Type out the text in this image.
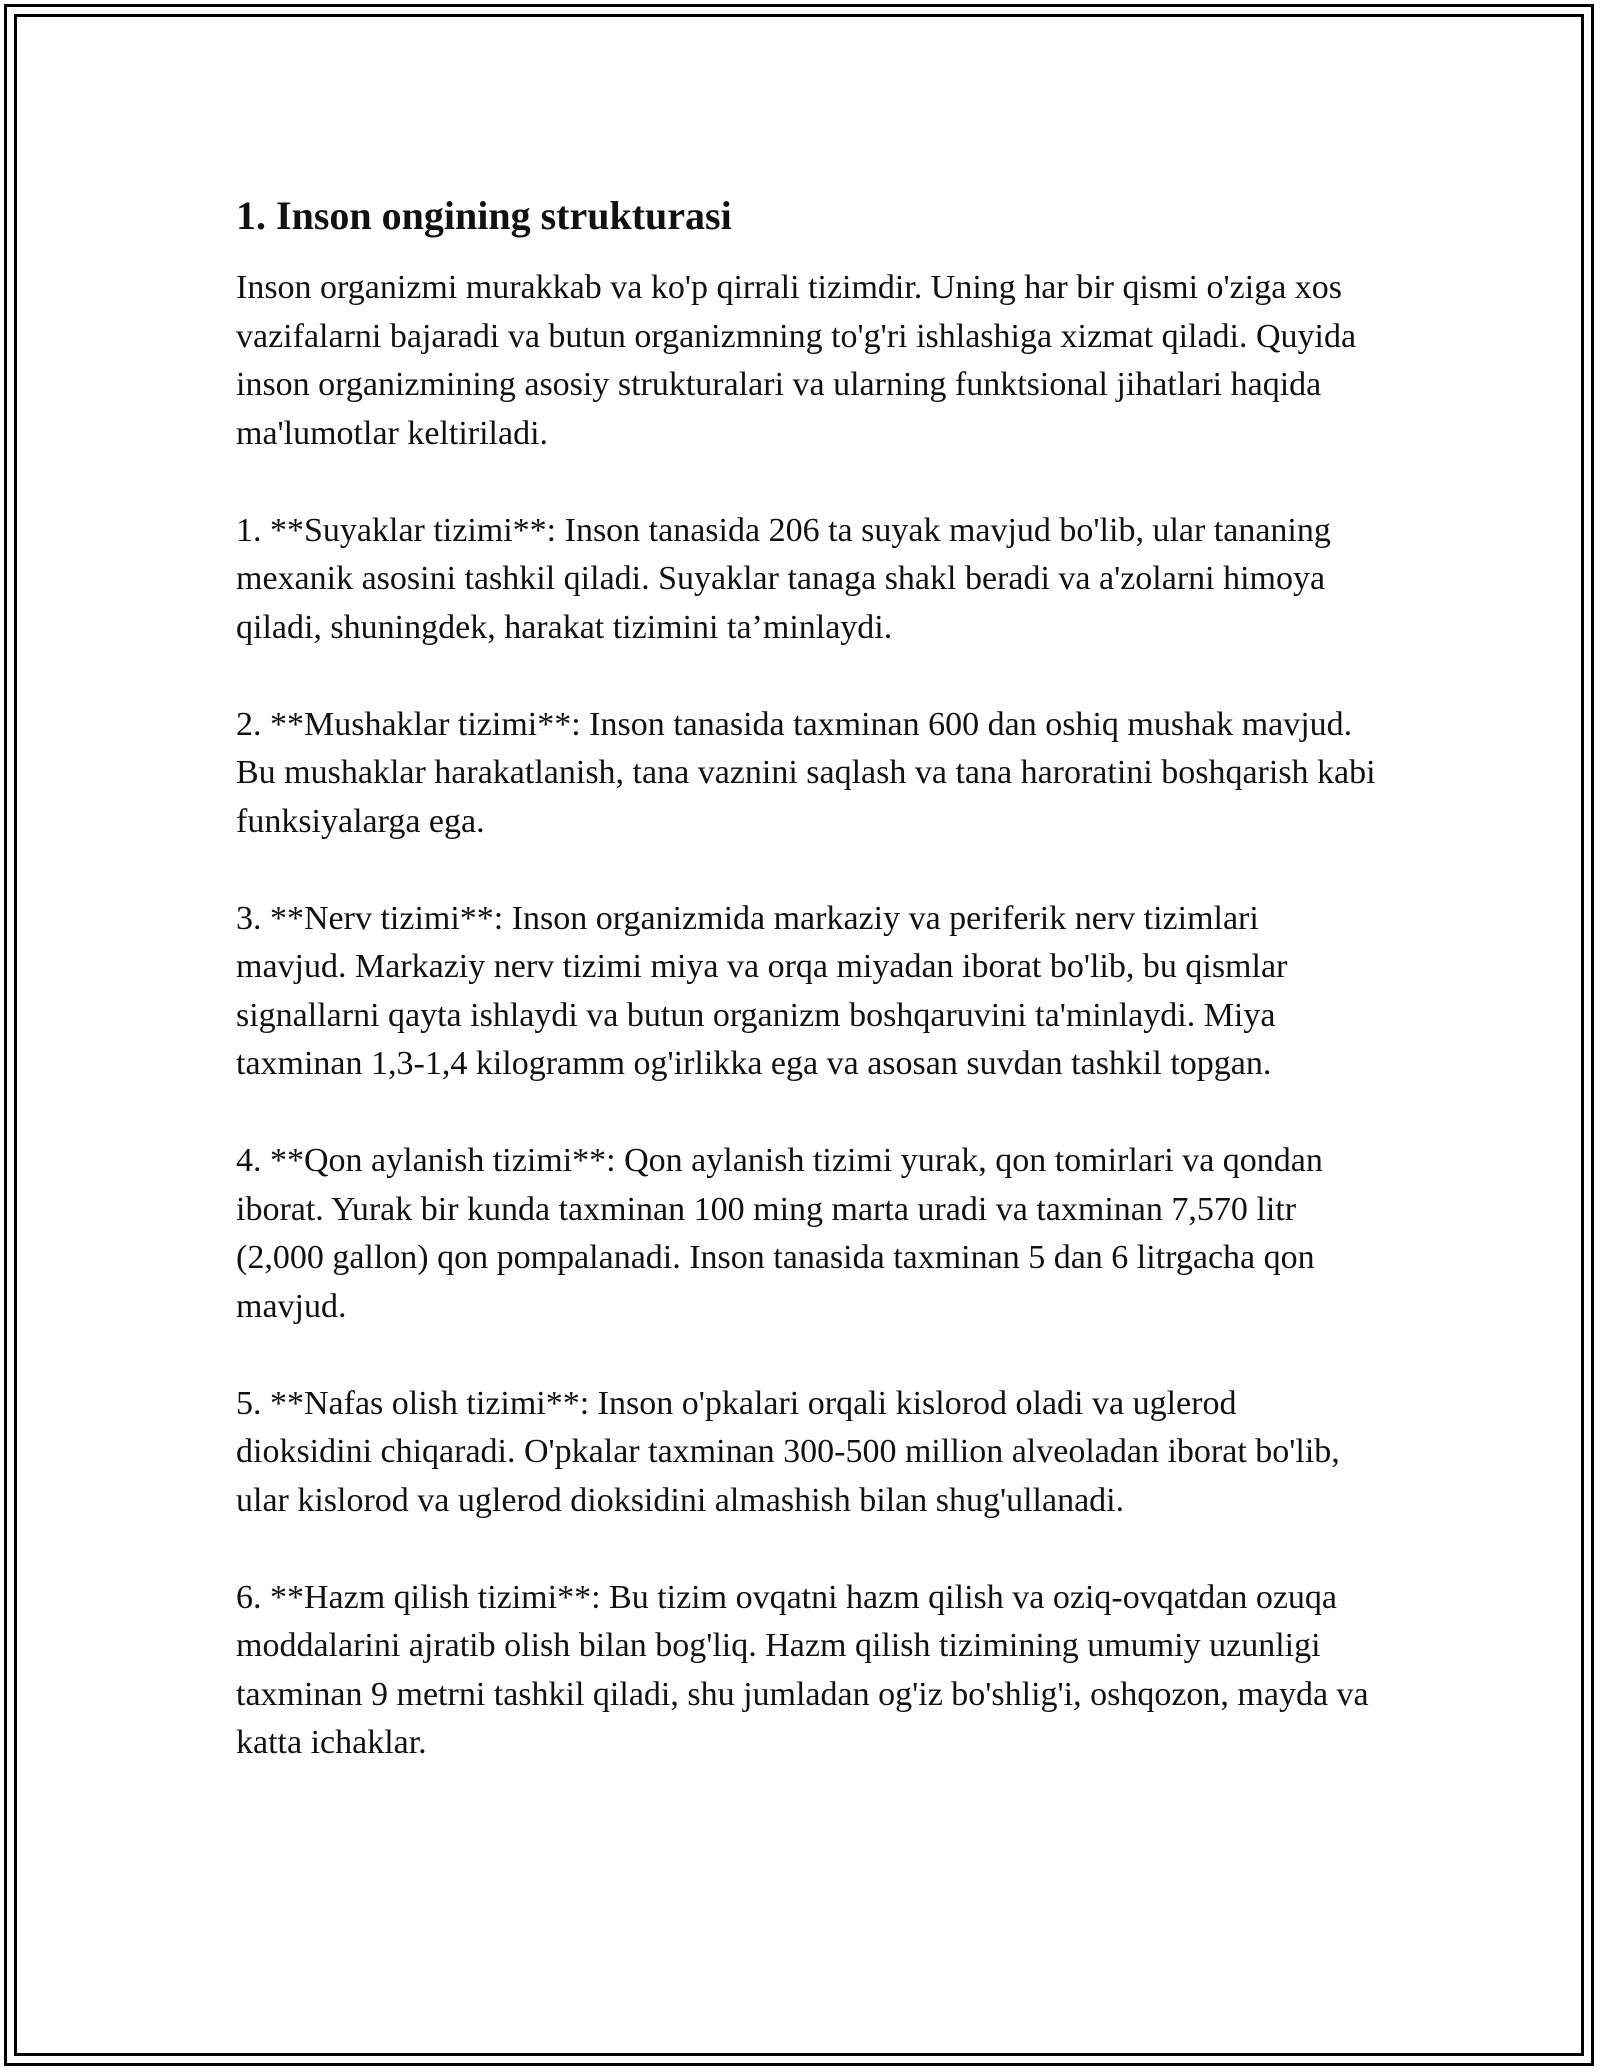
1. Inson ongining strukturasi

Inson organizmi murakkab va ko'p qirrali tizimdir. Uning har bir qismi o'ziga xos vazifalarni bajaradi va butun organizmning to'g'ri ishlashiga xizmat qiladi. Quyida inson organizmining asosiy strukturalari va ularning funktsional jihatlari haqida ma'lumotlar keltiriladi.

1. **Suyaklar tizimi**: Inson tanasida 206 ta suyak mavjud bo'lib, ular tananing mexanik asosini tashkil qiladi. Suyaklar tanaga shakl beradi va a'zolarni himoya qiladi, shuningdek, harakat tizimini ta’minlaydi.

2. **Mushaklar tizimi**: Inson tanasida taxminan 600 dan oshiq mushak mavjud. Bu mushaklar harakatlanish, tana vaznini saqlash va tana haroratini boshqarish kabi funksiyalarga ega.

3. **Nerv tizimi**: Inson organizmida markaziy va periferik nerv tizimlari mavjud. Markaziy nerv tizimi miya va orqa miyadan iborat bo'lib, bu qismlar signallarni qayta ishlaydi va butun organizm boshqaruvini ta'minlaydi. Miya taxminan 1,3-1,4 kilogramm og'irlikka ega va asosan suvdan tashkil topgan.

4. **Qon aylanish tizimi**: Qon aylanish tizimi yurak, qon tomirlari va qondan iborat. Yurak bir kunda taxminan 100 ming marta uradi va taxminan 7,570 litr (2,000 gallon) qon pompalanadi. Inson tanasida taxminan 5 dan 6 litrgacha qon mavjud.

5. **Nafas olish tizimi**: Inson o'pkalari orqali kislorod oladi va uglerod dioksidini chiqaradi. O'pkalar taxminan 300-500 million alveoladan iborat bo'lib, ular kislorod va uglerod dioksidini almashish bilan shug'ullanadi.

6. **Hazm qilish tizimi**: Bu tizim ovqatni hazm qilish va oziq-ovqatdan ozuqa moddalarini ajratib olish bilan bog'liq. Hazm qilish tizimining umumiy uzunligi taxminan 9 metrni tashkil qiladi, shu jumladan og'iz bo'shlig'i, oshqozon, mayda va katta ichaklar.
